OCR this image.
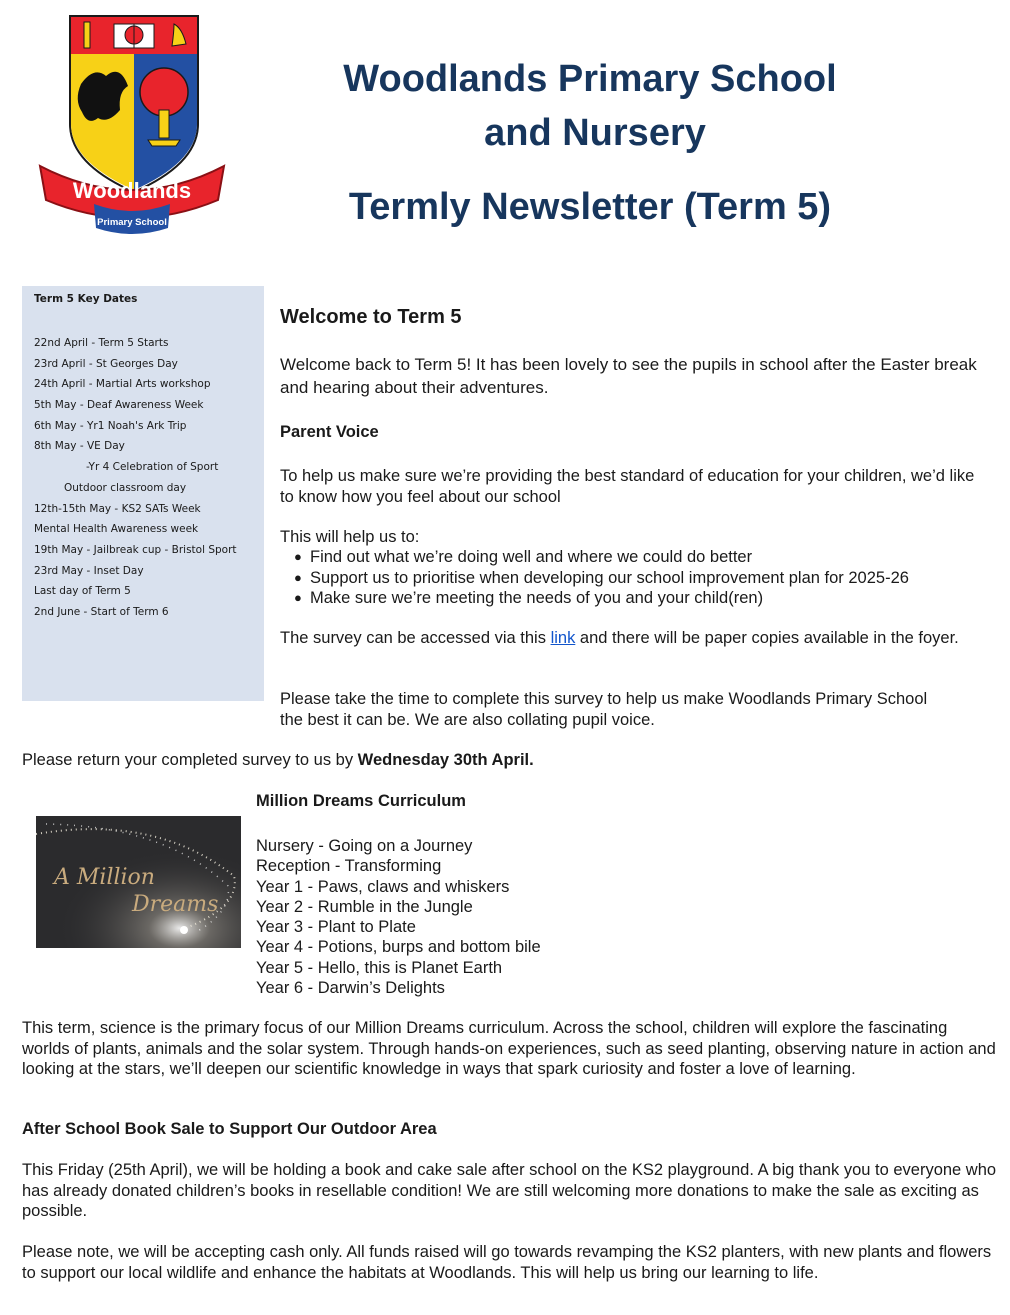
Woodlands
Primary School
Woodlands Primary School
and Nursery
Termly Newsletter (Term 5)
Term 5 Key Dates
22nd April - Term 5 Starts
23rd April - St Georges Day
24th April - Martial Arts workshop
5th May - Deaf Awareness Week
6th May - Yr1 Noah's Ark Trip
8th May - VE Day
-Yr 4 Celebration of Sport
Outdoor classroom day
12th-15th May - KS2 SATs Week
Mental Health Awareness week
19th May - Jailbreak cup - Bristol Sport
23rd May - Inset Day
Last day of Term 5
2nd June - Start of Term 6
Welcome to Term 5
Welcome back to Term 5! It has been lovely to see the pupils in school after the Easter break and hearing about their adventures.
Parent Voice
To help us make sure we’re providing the best standard of education for your children, we’d like to know how you feel about our school
This will help us to:
● Find out what we’re doing well and where we could do better
● Support us to prioritise when developing our school improvement plan for 2025-26
● Make sure we’re meeting the needs of you and your child(ren)
The survey can be accessed via this link and there will be paper copies available in the foyer.
Please take the time to complete this survey to help us make Woodlands Primary School the best it can be. We are also collating pupil voice.
Please return your completed survey to us by Wednesday 30th April.
Million Dreams Curriculum
A Million
Dreams
Nursery - Going on a Journey
Reception - Transforming
Year 1 - Paws, claws and whiskers
Year 2 - Rumble in the Jungle
Year 3 - Plant to Plate
Year 4 - Potions, burps and bottom bile
Year 5 - Hello, this is Planet Earth
Year 6 - Darwin’s Delights
This term, science is the primary focus of our Million Dreams curriculum. Across the school, children will explore the fascinating worlds of plants, animals and the solar system. Through hands-on experiences, such as seed planting, observing nature in action and looking at the stars, we’ll deepen our scientific knowledge in ways that spark curiosity and foster a love of learning.
After School Book Sale to Support Our Outdoor Area
This Friday (25th April), we will be holding a book and cake sale after school on the KS2 playground. A big thank you to everyone who has already donated children’s books in resellable condition! We are still welcoming more donations to make the sale as exciting as possible.
Please note, we will be accepting cash only. All funds raised will go towards revamping the KS2 planters, with new plants and flowers to support our local wildlife and enhance the habitats at Woodlands. This will help us bring our learning to life.
